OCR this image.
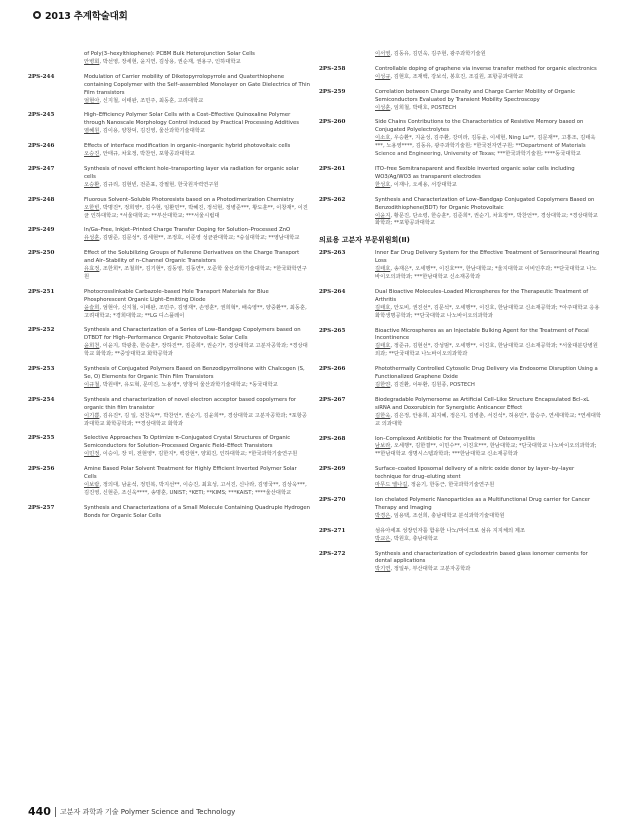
2013 추계학술대회
of Poly(3–hexylthiophene): PCBM Bulk Heterojunction Solar Cells
안병회, 박선영, 장세현, 윤지연, 김상용, 권순재, 권용구, 인하대학교
2PS-244	Modulation of Carrier mobility of Diketopyrrolopyrrole and Quaterthiophene containing Copolymer with the Self–assembled Monolayer on Gate Dielectrics of Thin Film transistors
엄현아, 신지철, 이태완, 조민주, 최동훈, 고려대학교
2PS-245	High–Efficiency Polymer Solar Cells with a Cost–Effective Quinoxaline Polymer through Nanoscale Morphology Control Induced by Practical Processing Additives
염혜원, 김이용, 양창덕, 김진영, 울산과학기술대학교
2PS-246	Effects of interface modification in organic–inorganic hybrid photovoltaic cells
오승진, 안태규, 차효정, 박찬언, 포항공과대학교
2PS-247	Synthesis of novel efficient hole–transporting layer via radiation for organic solar cells
오승환, 김규리, 김현빈, 전준표, 강필현, 한국원자력연구원
2PS-248	Fluorous Solvent–Soluble Photoresists based on a Photodimerization Chemistry
오한빈, 박명진*, 정희영*, 김수현, 임환민**, 박혜진, 정석현, 정병준***, 황도훈**, 이창재*, 이진균 인하대학교; *서울대학교; **부산대학교; ***서울시립대
2PS-249	In/Ga–Free, Inkjet–Printed Charge Transfer Doping for Solution–Processed ZnO
유성훈, 김범준, 김문성*, 김세현**, 조정호, 이준영 성균관대학교; *숭실대학교; **영남대학교
2PS-250	Effect of the Solubilizing Groups of Fullerene Derivatives on the Charge Transport and Air–Stability of n–Channel Organic Transistors
유효정, 조한희*, 조철희*, 김기현*, 김동영, 김동연*, 오준학 울산과학기술대학교; *한국화학연구원
2PS-251	Photocrosslinkable Carbazole–based Hole Transport Materials for Blue Phosphorescent Organic Light–Emitting Diode
윤슬희, 엄현아, 신지철, 이태완, 조민주, 김영재*, 손영훈*, 권희혁*, 배숙영**, 양중환**, 최동훈, 고려대학교; *경희대학교; **LG 디스플레이
2PS-252	Synthesis and Characterization of a Series of Low–Bandgap Copolymers based on DTBDT for High–Performance Organic Photovoltaic Solar Cells
윤희천, 이윤지, 박광훈, 한승훈*, 장하진**, 김준희*, 권순기*, 경상대학교 고분자공학과; *경상대학교 화학과; **중앙대학교 화학공학과
2PS-253	Synthesis of Conjugated Polymers Based on Benzodipyrrolinone with Chalcogen (S, Se, O) Elements for Organic Thin Film Transistors
이규철, 박원태*, 유도혁, 문미진, 노용영*, 양창덕 울산과학기술대학교; *동국대학교
2PS-254	Synthesis and characterization of novel electron acceptor based copolymers for organic thin film transistor
이기쁨, 김유진*, 김 일, 전찬욱**, 박찬언*, 권순기, 김윤희**, 경상대학교 고분자공학과; *포항공과대학교 화학공학과; **경상대학교 화학과
2PS-255	Selective Approaches To Optimize π–Conjugated Crystal Structures of Organic Semiconductors for Solution–Processed Organic Field–Effect Transistors
이민정, 이승이, 장 미, 전현영*, 김한지*, 백강현*, 양회진, 인하대학교; *한국과학기술연구원
2PS-256	Amine Based Polar Solvent Treatment for Highly Efficient Inverted Polymer Solar Cells
이보람, 정의대, 남윤석, 정민복, 박지선**, 이승진, 최효성, 고서진, 신나라, 김영국**, 김상욱***, 김진영, 신현준, 조신욱****, 송명훈, UNIST; *KETI; **KIMS; ***KAIST; ****울산대학교
2PS-257	Synthesis and Characterizations of a Small Molecule Containing Quadruple Hydrogen Bonds for Organic Solar Cells
이서영, 김동유, 김민욱, 김주현, 광주과학기술원
2PS-258	Controllable doping of graphene via inverse transfer method for organic electronics
이성규, 김현호, 조재백, 강보석, 봉호진, 조길원, 포항공과대학교
2PS-259	Correlation between Charge Density and Charge Carrier Mobility of Organic Semiconductors Evaluated by Transient Mobility Spectroscopy
이성훈, 임희철, 박태호, POSTECH
2PS-260	Side Chains Contributions to the Characteristics of Resistive Memory based on Conjugated Polyelectrolytes
이소호, 우승환*, 지윤성, 김주환, 강미라, 김동윤, 이세현, Ning Lu**, 김문재**, 고홍조, 김태욱***, 노용영****, 김동유, 광주과학기술원; *한국전자연구원; **Department of Materials Science and Engineering, University of Texas; ***한국과학기술원; ****동국대학교
2PS-261	ITO–free Semitransparent and flexible inverted organic solar cells including WO3/Ag/WO3 as transparent electrodes
한성호, 이재나, 오세용, 서강대학교
2PS-262	Synthesis and Characterization of Low–Bandgap Conjugated Copolymers Based on Benzodithiophene(BDT) for Organic Photovoltaic
이윤지, 황문진, 단소령, 한승훈*, 김준희*, 권순기, 차효정**, 박찬언**, 경상대학교; *경상대학교 화학과; **포항공과대학교
의료용 고분자 부문위원회(II)
2PS-263	Inner Ear Drug Delivery System for the Effective Treatment of Sensorineural Hearing Loss
김태호, 송재은*, 오세행**, 이진호***, 한남대학교; *울지대학교 이비인후과; **단국대학교 나노바이오의과학과; ***한남대학교 신소재공학과
2PS-264	Dual Bioactive Molecules–Loaded Microspheres for the Therapeutic Treatment of Arthritis
김태호, 안도비, 권진선*, 김문석*, 오세행**, 이진호, 한남대학교 신소재공학과; *아주대학교 응용화학생명공학과; **단국대학교 나노바이오의과학과
2PS-265	Bioactive Microspheres as an Injectable Bulking Agent for the Treatment of Fecal Incontinence
김태호, 정준규, 김현선*, 강성범*, 오세행**, 이진호, 한남대학교 신소재공학과; *서울대분당병원 외과; **단국대학교 나노바이오의과학과
2PS-266	Photothermally Controlled Cytosolic Drug Delivery via Endosome Disruption Using a Functionalized Graphene Oxide
김한얀, 김진환, 이두환, 김원종, POSTECH
2PS-267	Biodegradable Polymersome as Artificial Cell–Like Structure Encapsulated Bcl–xL siRNA and Doxorubicin for Synergistic Anticancer Effect
김한욱, 김은정, 안용희, 최지혜, 정은지, 김병춘, 서진석*, 허용민*, 함승주, 연세대학교; *연세대학교 의과대학
2PS-268	Ion–Complexed Antibiotic for the Treatment of Osteomyelitis
남보라, 오세행*, 김한결**, 이민수**, 이진호***, 한남대학교; *단국대학교 나노바이오의과학과; **한남대학교 생명시스템과학과; ***한남대학교 신소재공학과
2PS-269	Surface–coated liposomal delivery of a nitric oxide donor by layer–by–layer technique for drug–eluting stent
마무드 엘나길, 정윤기, 한동근, 한국과학기술연구원
2PS-270	Ion chelated Polymeric Nanoparticles as a Multifunctional Drug carrier for Cancer Therapy and Imaging
박경은, 임용택, 조선희, 충남대학교 분석과학기술대학원
2PS-271	섬유아세포 성장인자를 함유한 나노/마이크로 섬유 지지체의 제조
박교은, 박원호, 충남대학교
2PS-272	Synthesis and characterization of cyclodextrin based glass ionomer cements for dental applications
박기연, 정일두, 부산대학교 고분자공학과
440 고분자 과학과 기술 Polymer Science and Technology
